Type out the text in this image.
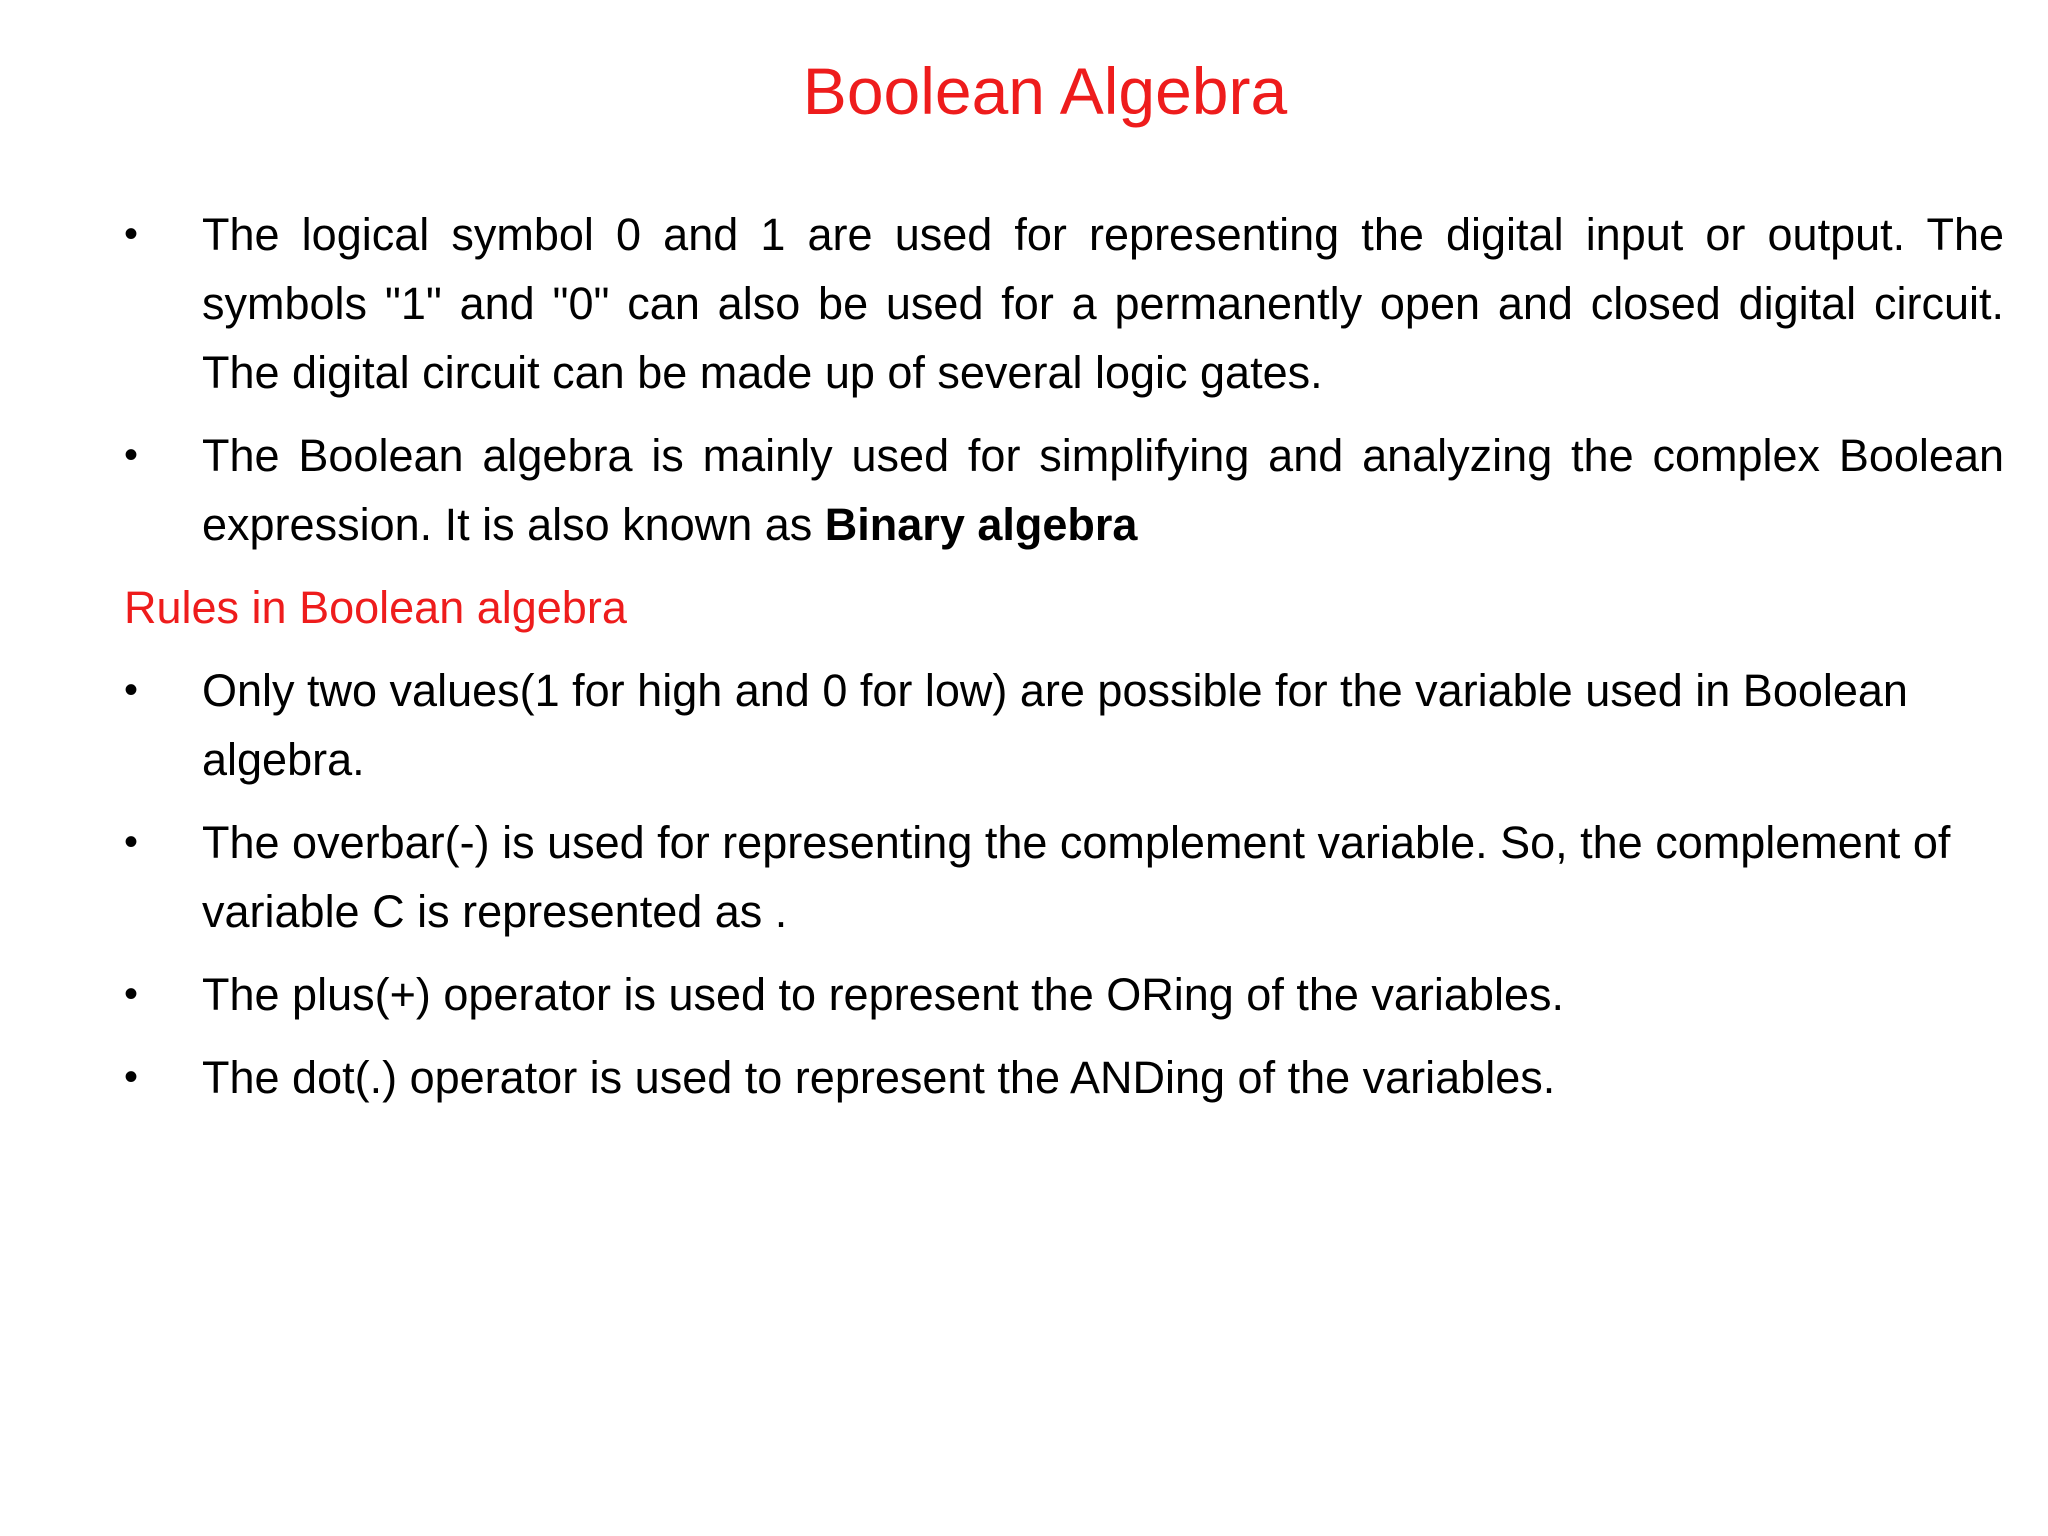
Boolean Algebra
•	The logical symbol 0 and 1 are used for representing the digital input or output. The symbols "1" and "0" can also be used for a permanently open and closed digital circuit. The digital circuit can be made up of several logic gates.
•	The Boolean algebra is mainly used for simplifying and analyzing the complex Boolean expression. It is also known as Binary algebra
Rules in Boolean algebra
•	Only two values(1 for high and 0 for low) are possible for the variable used in Boolean algebra.
•	The overbar(-) is used for representing the complement variable. So, the complement of variable C is represented as .
•	The plus(+) operator is used to represent the ORing of the variables.
•	The dot(.) operator is used to represent the ANDing of the variables.
